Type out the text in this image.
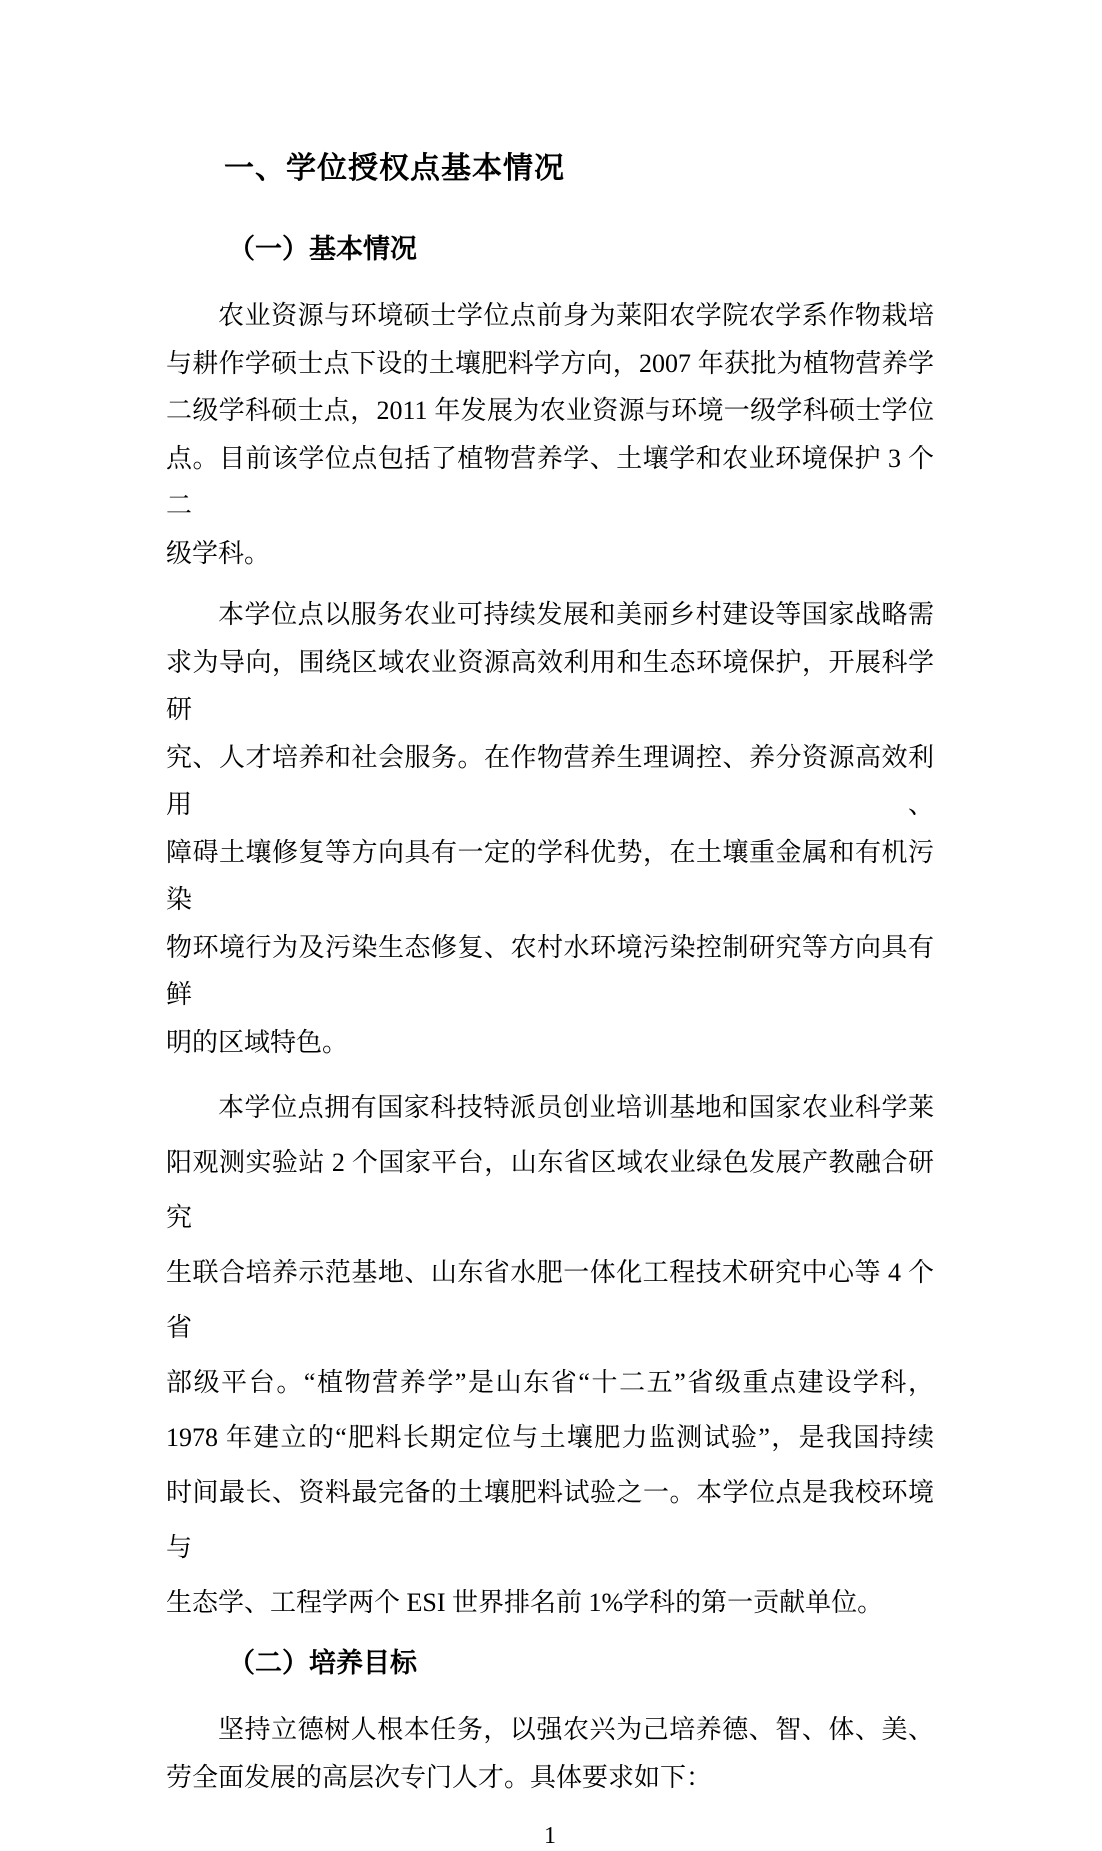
一、学位授权点基本情况
（一）基本情况
农业资源与环境硕士学位点前身为莱阳农学院农学系作物栽培
与耕作学硕士点下设的土壤肥料学方向，2007 年获批为植物营养学
二级学科硕士点，2011 年发展为农业资源与环境一级学科硕士学位
点。目前该学位点包括了植物营养学、土壤学和农业环境保护 3 个二
级学科。
本学位点以服务农业可持续发展和美丽乡村建设等国家战略需
求为导向，围绕区域农业资源高效利用和生态环境保护，开展科学研
究、人才培养和社会服务。在作物营养生理调控、养分资源高效利用、
障碍土壤修复等方向具有一定的学科优势，在土壤重金属和有机污染
物环境行为及污染生态修复、农村水环境污染控制研究等方向具有鲜
明的区域特色。
本学位点拥有国家科技特派员创业培训基地和国家农业科学莱
阳观测实验站 2 个国家平台，山东省区域农业绿色发展产教融合研究
生联合培养示范基地、山东省水肥一体化工程技术研究中心等 4 个省
部级平台。“植物营养学”是山东省“十二五”省级重点建设学科，
1978 年建立的“肥料长期定位与土壤肥力监测试验”，是我国持续
时间最长、资料最完备的土壤肥料试验之一。本学位点是我校环境与
生态学、工程学两个 ESI 世界排名前 1%学科的第一贡献单位。
（二）培养目标
坚持立德树人根本任务，以强农兴为己培养德、智、体、美、
劳全面发展的高层次专门人才。具体要求如下：
1
